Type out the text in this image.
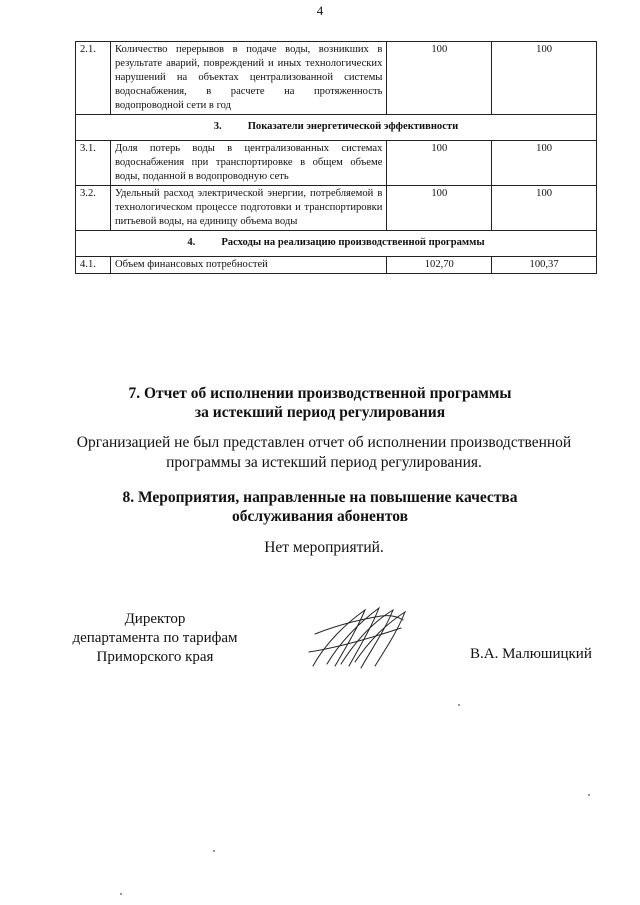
4
2.1.	Количество перерывов в подаче воды, возникших в результате аварий, повреждений и иных технологических нарушений на объектах централизованной системы водоснабжения, в расчете на протяженность водопроводной сети в год	100	100
3. Показатели энергетической эффективности			
3.1.	Доля потерь воды в централизованных системах водоснабжения при транспортировке в общем объеме воды, поданной в водопроводную сеть	100	100
3.2.	Удельный расход электрической энергии, потребляемой в технологическом процессе подготовки и транспортировки питьевой воды, на единицу объема воды	100	100
4. Расходы на реализацию производственной программы			
4.1.	Объем финансовых потребностей	102,70	100,37
7. Отчет об исполнении производственной программы
за истекший период регулирования
Организацией не был представлен отчет об исполнении производственной
программы за истекший период регулирования.
8. Мероприятия, направленные на повышение качества
обслуживания абонентов
Нет мероприятий.
Директор
департамента по тарифам
Приморского края	В.А. Малюшицкий
